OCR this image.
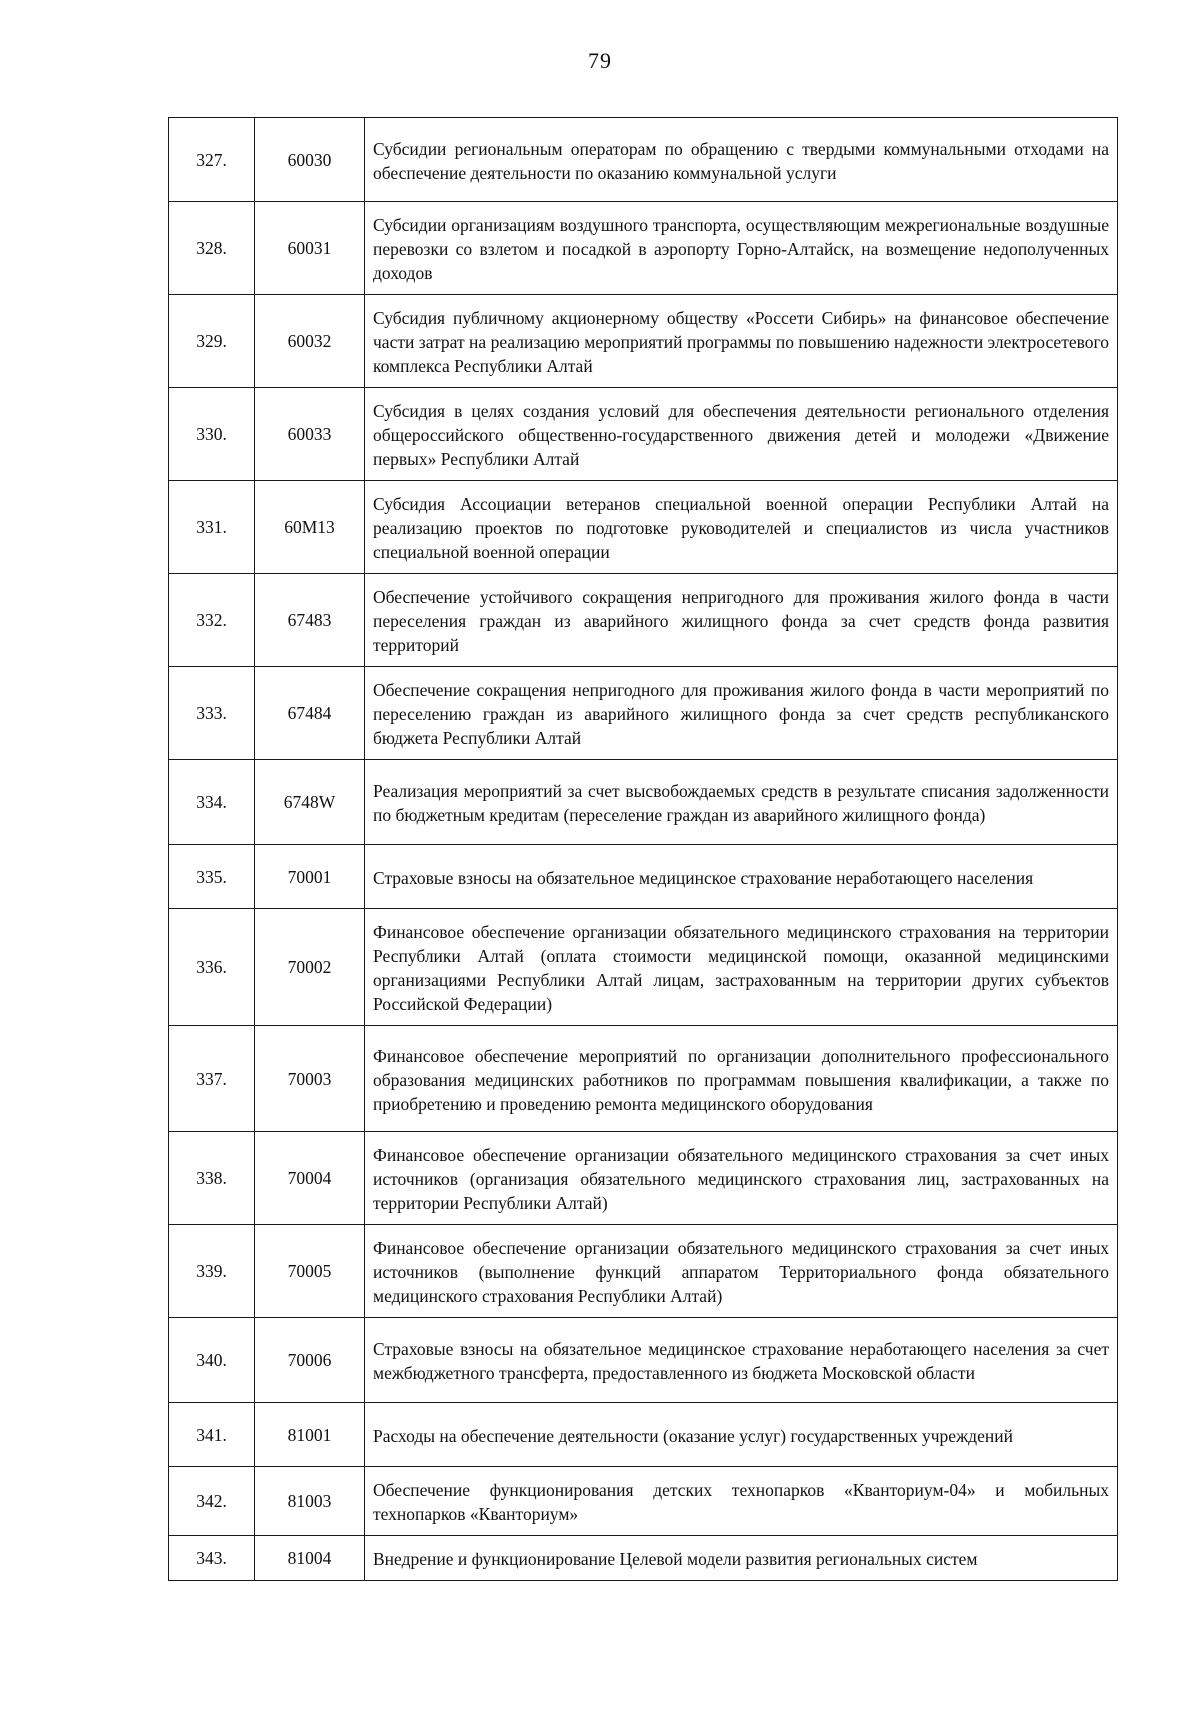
79
327.	60030	Субсидии региональным операторам по обращению с твердыми коммунальными отходами на обеспечение деятельности по оказанию коммунальной услуги
328.	60031	Субсидии организациям воздушного транспорта, осуществляющим межрегиональные воздушные перевозки со взлетом и посадкой в аэропорту Горно-Алтайск, на возмещение недополученных доходов
329.	60032	Субсидия публичному акционерному обществу «Россети Сибирь» на финансовое обеспечение части затрат на реализацию мероприятий программы по повышению надежности электросетевого комплекса Республики Алтай
330.	60033	Субсидия в целях создания условий для обеспечения деятельности регионального отделения общероссийского общественно-государственного движения детей и молодежи «Движение первых» Республики Алтай
331.	60М13	Субсидия Ассоциации ветеранов специальной военной операции Республики Алтай на реализацию проектов по подготовке руководителей и специалистов из числа участников специальной военной операции
332.	67483	Обеспечение устойчивого сокращения непригодного для проживания жилого фонда в части переселения граждан из аварийного жилищного фонда за счет средств фонда развития территорий
333.	67484	Обеспечение сокращения непригодного для проживания жилого фонда в части мероприятий по переселению граждан из аварийного жилищного фонда за счет средств республиканского бюджета Республики Алтай
334.	6748W	Реализация мероприятий за счет высвобождаемых средств в результате списания задолженности по бюджетным кредитам (переселение граждан из аварийного жилищного фонда)
335.	70001	Страховые взносы на обязательное медицинское страхование неработающего населения
336.	70002	Финансовое обеспечение организации обязательного медицинского страхования на территории Республики Алтай (оплата стоимости медицинской помощи, оказанной медицинскими организациями Республики Алтай лицам, застрахованным на территории других субъектов Российской Федерации)
337.	70003	Финансовое обеспечение мероприятий по организации дополнительного профессионального образования медицинских работников по программам повышения квалификации, а также по приобретению и проведению ремонта медицинского оборудования
338.	70004	Финансовое обеспечение организации обязательного медицинского страхования за счет иных источников (организация обязательного медицинского страхования лиц, застрахованных на территории Республики Алтай)
339.	70005	Финансовое обеспечение организации обязательного медицинского страхования за счет иных источников (выполнение функций аппаратом Территориального фонда обязательного медицинского страхования Республики Алтай)
340.	70006	Страховые взносы на обязательное медицинское страхование неработающего населения за счет межбюджетного трансферта, предоставленного из бюджета Московской области
341.	81001	Расходы на обеспечение деятельности (оказание услуг) государственных учреждений
342.	81003	Обеспечение функционирования детских технопарков «Кванториум-04» и мобильных технопарков «Кванториум»
343.	81004	Внедрение и функционирование Целевой модели развития региональных систем
